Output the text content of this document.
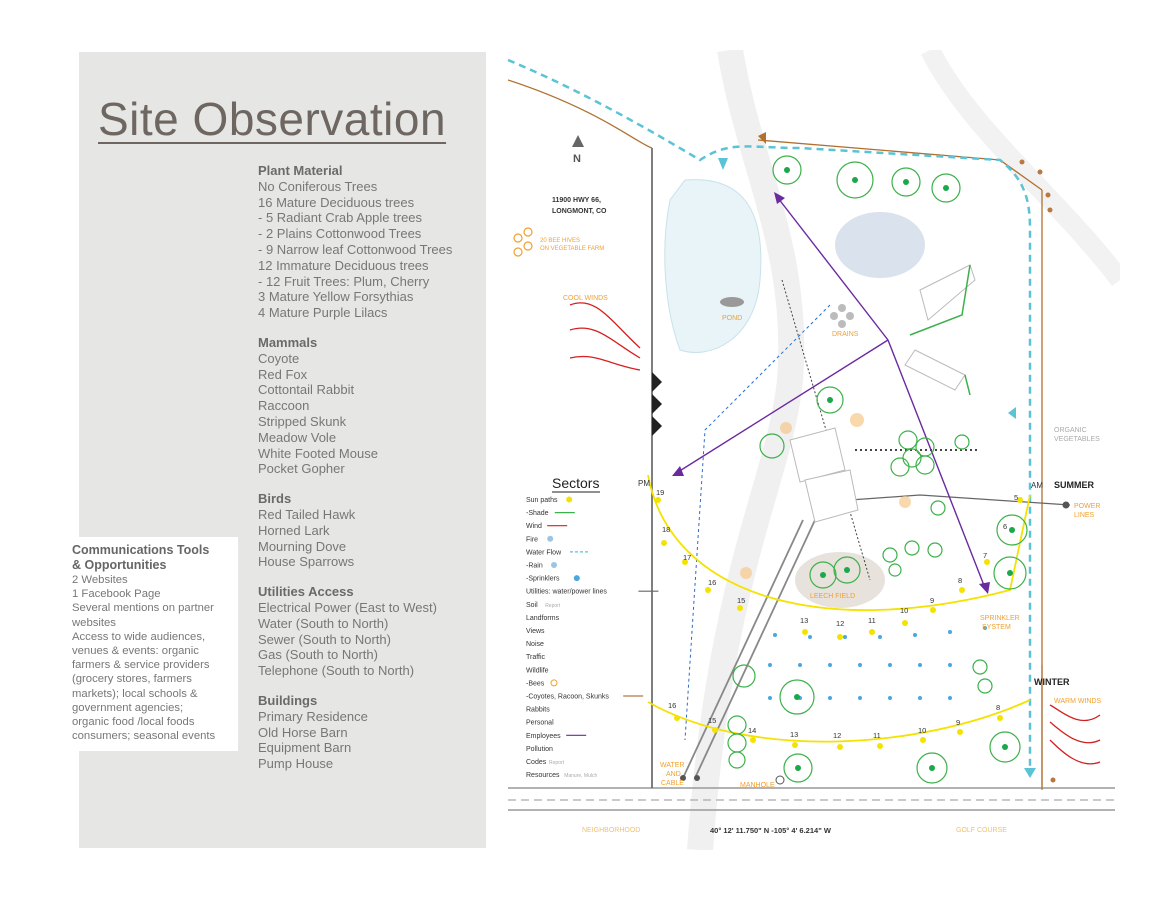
Site Observation
Plant Material
No Coniferous Trees
16 Mature Deciduous trees
- 5 Radiant Crab Apple trees
- 2 Plains Cottonwood Trees
- 9 Narrow leaf Cottonwood Trees
12 Immature Deciduous trees
- 12 Fruit Trees: Plum, Cherry
3 Mature Yellow Forsythias
4 Mature Purple Lilacs
Mammals
Coyote
Red Fox
Cottontail Rabbit
Raccoon
Stripped Skunk
Meadow Vole
White Footed Mouse
Pocket Gopher
Birds
Red Tailed Hawk
Horned Lark
Mourning Dove
House Sparrows
Utilities Access
Electrical Power (East to West)
Water (South to North)
Sewer (South to North)
Gas (South to North)
Telephone (South to North)
Buildings
Primary Residence
Old Horse Barn
Equipment Barn
Pump House
Communications Tools
& Opportunities
2 Websites
1 Facebook Page
Several mentions on partner
websites
Access to wide audiences,
venues & events: organic
farmers & service providers
(grocery stores, farmers
markets); local schools &
government agencies;
organic food /local foods
consumers; seasonal events
N
11900 HWY 66,
LONGMONT, CO
20 BEE HIVES
ON VEGETABLE FARM
COOL WINDS
POND
DRAINS
ORGANIC
VEGETABLES
SUMMER
AM
PM
POWER
LINES
LEECH FIELD
SPRINKLER
SYSTEM
WINTER
WARM WINDS
WATER
AND
CABLE	MANHOLE
NEIGHBORHOOD	GOLF COURSE
40° 12' 11.750" N -105° 4' 6.214" W
19
18
17
16
15
13	12	11
10
9
8
7
6
5
16
15
14	13	12	11
10
9
8
Sectors
Sun paths
-Shade
Wind
Fire
Water Flow
-Rain
-Sprinklers
Utilities: water/power lines
Soil Report
Landforms
Views
Noise
Traffic
Wildlife
-Bees
-Coyotes, Racoon, Skunks
Rabbits
Personal
Employees
Pollution
Codes Report
Resources Manure, Mulch
